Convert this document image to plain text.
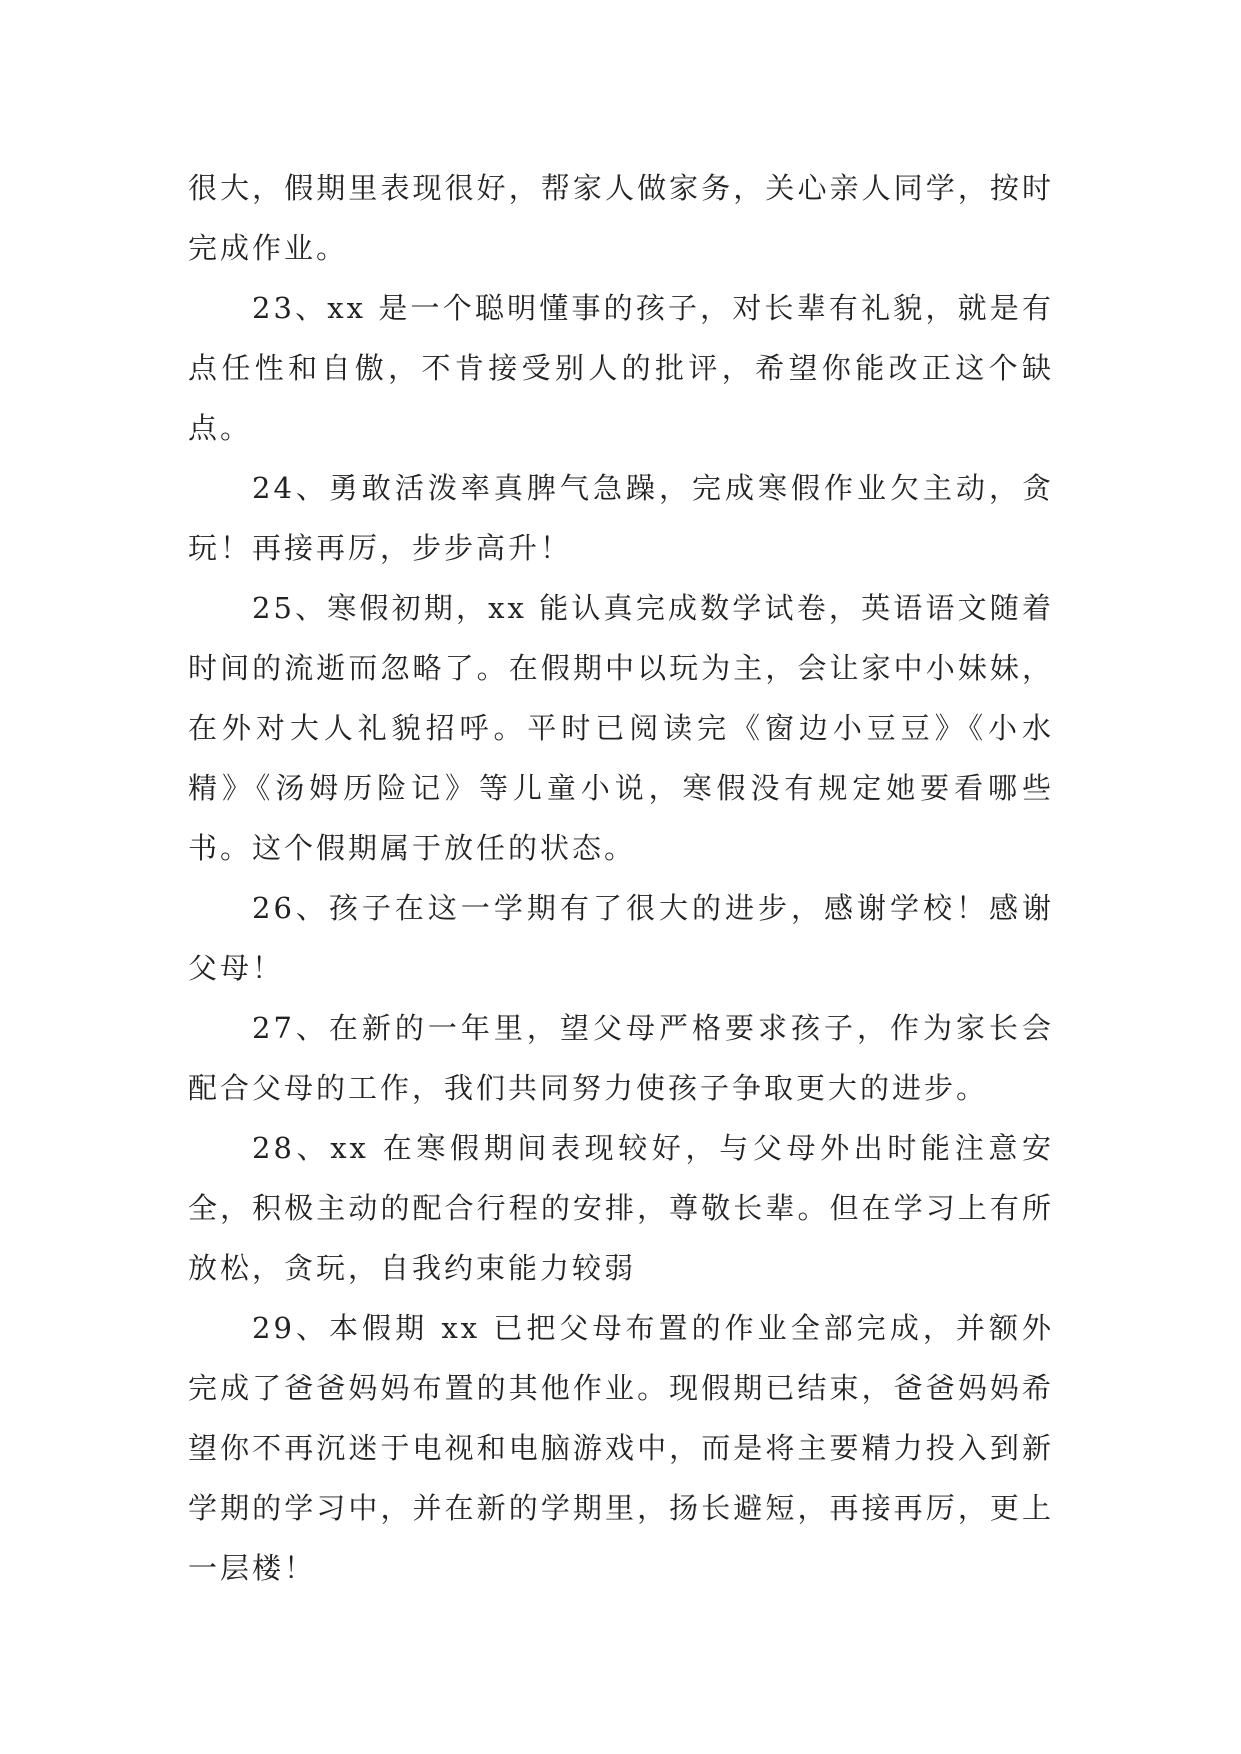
很大，假期里表现很好，帮家人做家务，关心亲人同学，按时完成作业。

23、xx 是一个聪明懂事的孩子，对长辈有礼貌，就是有点任性和自傲，不肯接受别人的批评，希望你能改正这个缺点。

24、勇敢活泼率真脾气急躁，完成寒假作业欠主动，贪玩！再接再厉，步步高升！

25、寒假初期，xx 能认真完成数学试卷，英语语文随着时间的流逝而忽略了。在假期中以玩为主，会让家中小妹妹，在外对大人礼貌招呼。平时已阅读完《窗边小豆豆》《小水精》《汤姆历险记》等儿童小说，寒假没有规定她要看哪些书。这个假期属于放任的状态。

26、孩子在这一学期有了很大的进步，感谢学校！感谢父母！

27、在新的一年里，望父母严格要求孩子，作为家长会配合父母的工作，我们共同努力使孩子争取更大的进步。

28、xx 在寒假期间表现较好，与父母外出时能注意安全，积极主动的配合行程的安排，尊敬长辈。但在学习上有所放松，贪玩，自我约束能力较弱

29、本假期 xx 已把父母布置的作业全部完成，并额外完成了爸爸妈妈布置的其他作业。现假期已结束，爸爸妈妈希望你不再沉迷于电视和电脑游戏中，而是将主要精力投入到新学期的学习中，并在新的学期里，扬长避短，再接再厉，更上一层楼！
